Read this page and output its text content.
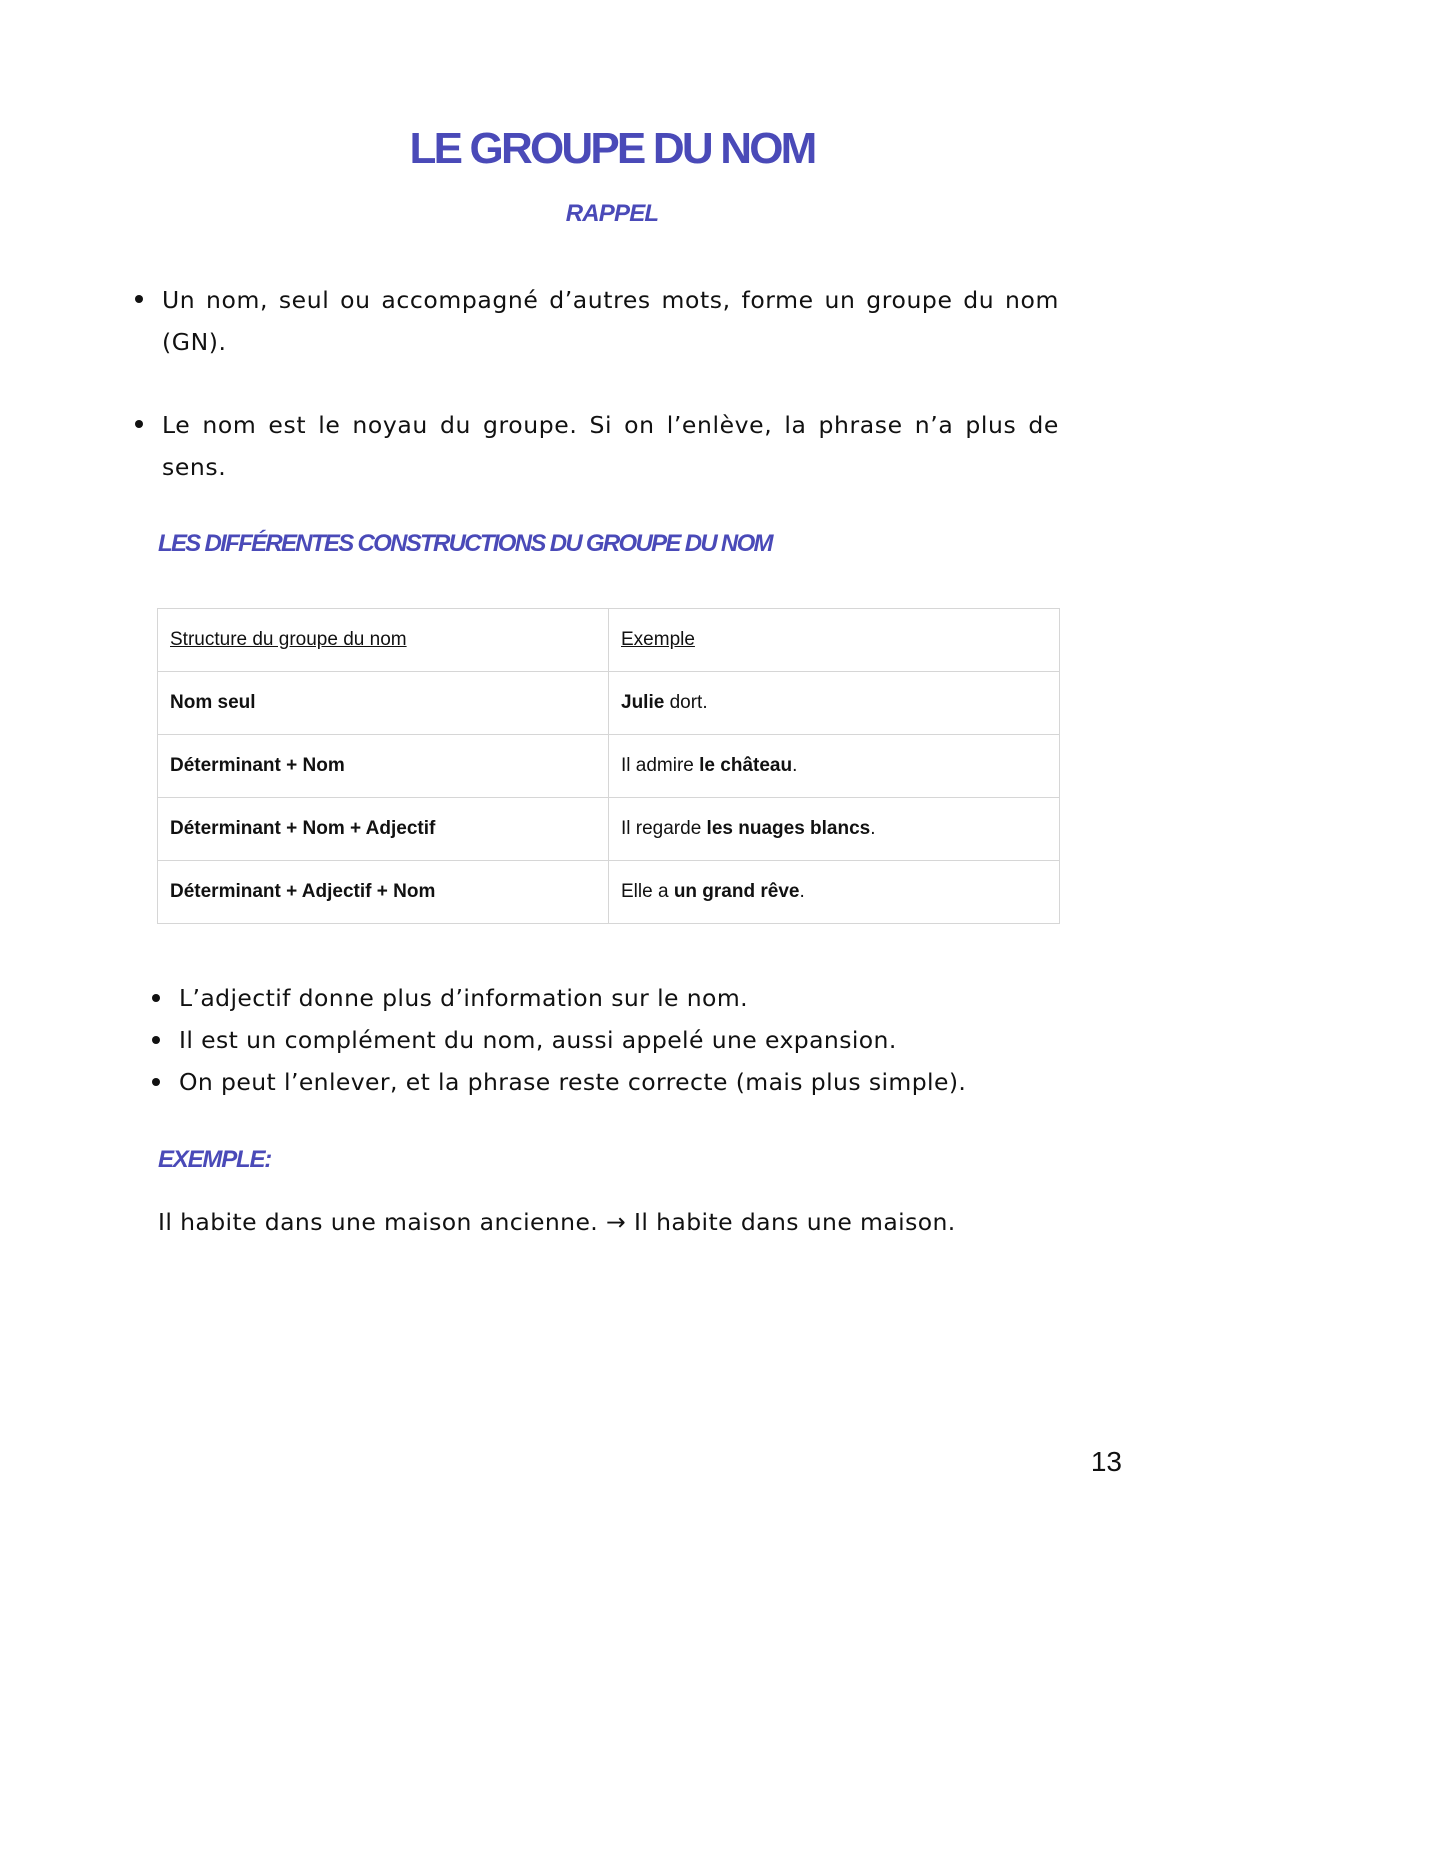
LE GROUPE DU NOM
RAPPEL
Un nom, seul ou accompagné d’autres mots, forme un groupe du nom (GN).
Le nom est le noyau du groupe. Si on l’enlève, la phrase n’a plus de sens.
LES DIFFÉRENTES CONSTRUCTIONS DU GROUPE DU NOM
Structure du groupe du nom	Exemple
Nom seul	Julie dort.
Déterminant + Nom	Il admire le château.
Déterminant + Nom + Adjectif	Il regarde les nuages blancs.
Déterminant + Adjectif + Nom	Elle a un grand rêve.
L’adjectif donne plus d’information sur le nom.
Il est un complément du nom, aussi appelé une expansion.
On peut l’enlever, et la phrase reste correcte (mais plus simple).
EXEMPLE:
Il habite dans une maison ancienne. → Il habite dans une maison.
13
